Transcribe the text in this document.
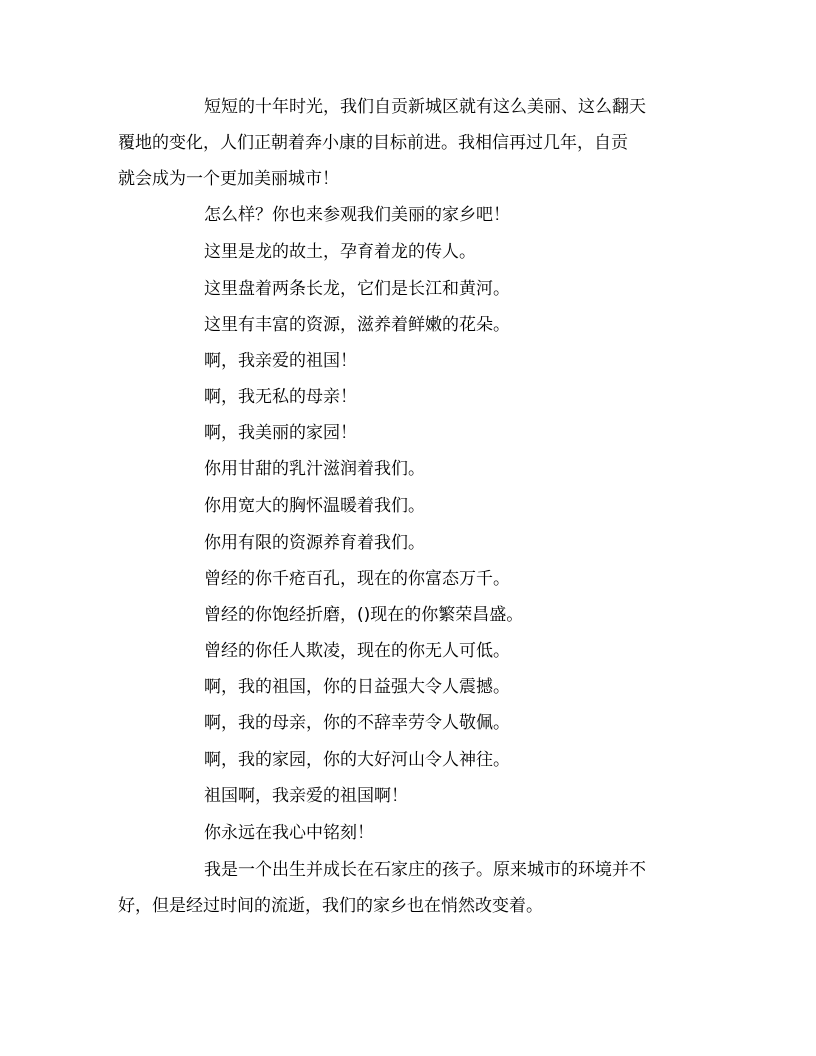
短短的十年时光，我们自贡新城区就有这么美丽、这么翻天
覆地的变化，人们正朝着奔小康的目标前进。我相信再过几年，自贡
就会成为一个更加美丽城市！
怎么样？你也来参观我们美丽的家乡吧！
这里是龙的故土，孕育着龙的传人。
这里盘着两条长龙，它们是长江和黄河。
这里有丰富的资源，滋养着鲜嫩的花朵。
啊，我亲爱的祖国！
啊，我无私的母亲！
啊，我美丽的家园！
你用甘甜的乳汁滋润着我们。
你用宽大的胸怀温暖着我们。
你用有限的资源养育着我们。
曾经的你千疮百孔，现在的你富态万千。
曾经的你饱经折磨，()现在的你繁荣昌盛。
曾经的你任人欺凌，现在的你无人可低。
啊，我的祖国，你的日益强大令人震撼。
啊，我的母亲，你的不辞幸劳令人敬佩。
啊，我的家园，你的大好河山令人神往。
祖国啊，我亲爱的祖国啊！
你永远在我心中铭刻！
我是一个出生并成长在石家庄的孩子。原来城市的环境并不
好，但是经过时间的流逝，我们的家乡也在悄然改变着。
